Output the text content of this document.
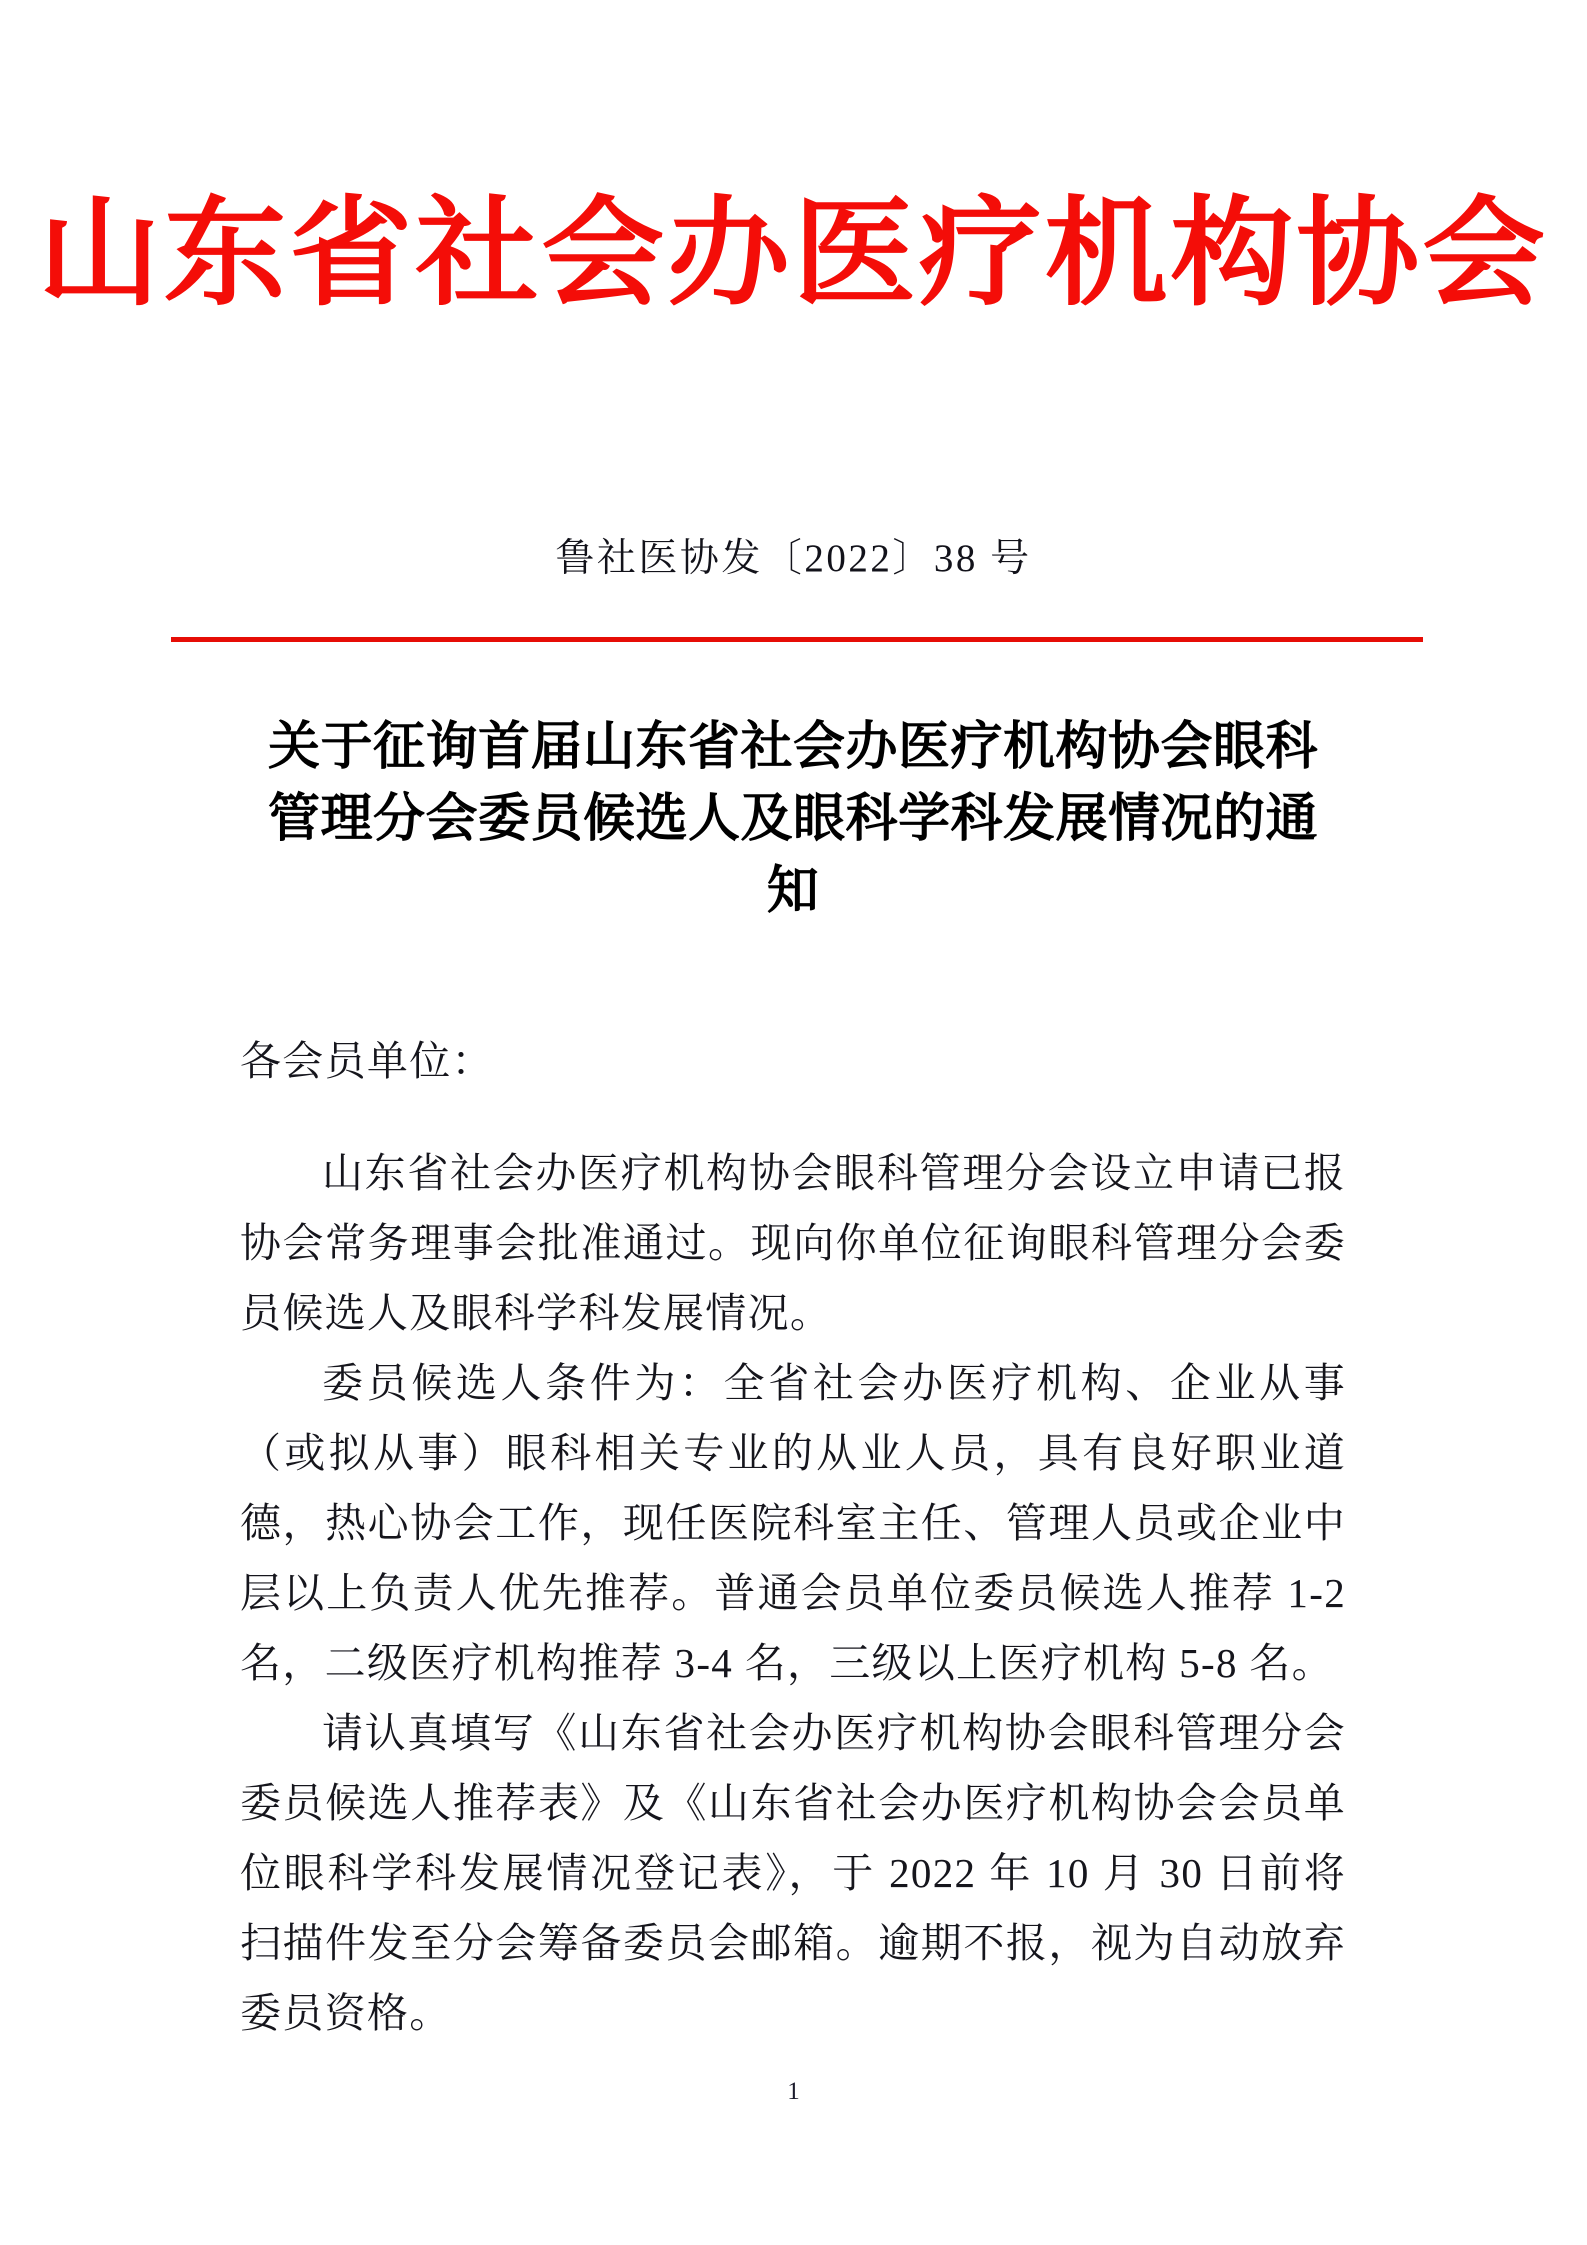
山东省社会办医疗机构协会
鲁社医协发〔2022〕38 号
关于征询首届山东省社会办医疗机构协会眼科管理分会委员候选人及眼科学科发展情况的通知

各会员单位：

山东省社会办医疗机构协会眼科管理分会设立申请已报协会常务理事会批准通过。现向你单位征询眼科管理分会委员候选人及眼科学科发展情况。

委员候选人条件为：全省社会办医疗机构、企业从事（或拟从事）眼科相关专业的从业人员，具有良好职业道德，热心协会工作，现任医院科室主任、管理人员或企业中层以上负责人优先推荐。普通会员单位委员候选人推荐 1-2 名，二级医疗机构推荐 3-4 名，三级以上医疗机构 5-8 名。

请认真填写《山东省社会办医疗机构协会眼科管理分会委员候选人推荐表》及《山东省社会办医疗机构协会会员单位眼科学科发展情况登记表》，于 2022 年 10 月 30 日前将扫描件发至分会筹备委员会邮箱。逾期不报，视为自动放弃委员资格。

1
